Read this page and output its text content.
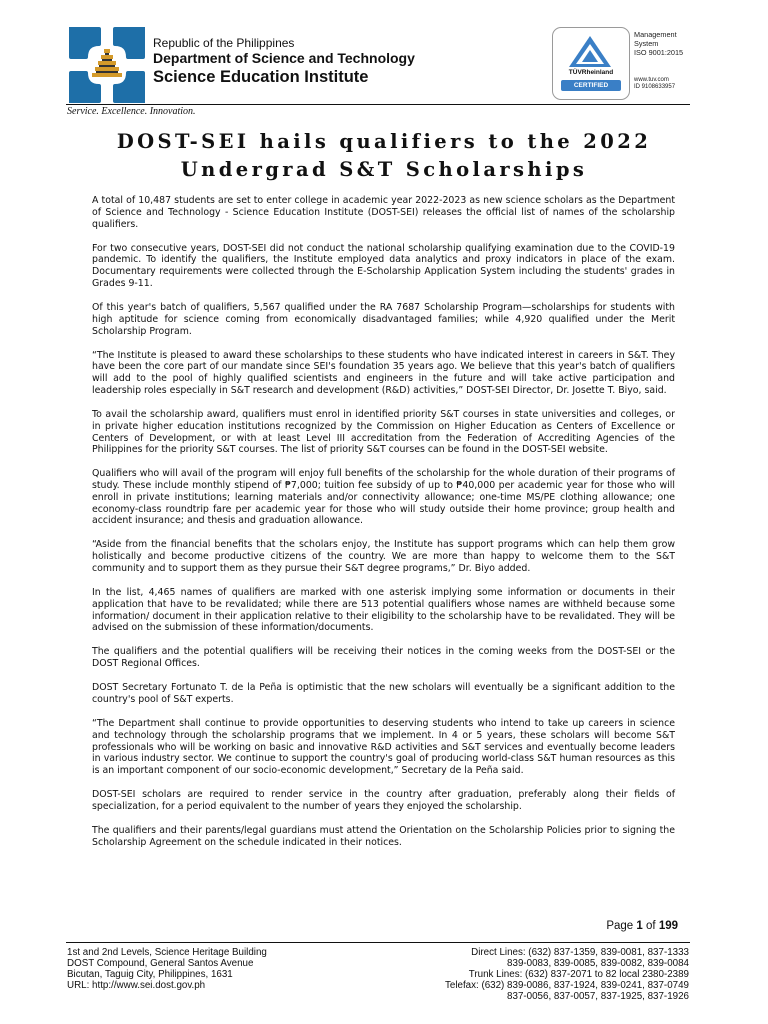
Republic of the Philippines
Department of Science and Technology
Science Education Institute	TÜVRheinland
CERTIFIED
Management
System
ISO 9001:2015
www.tuv.com
ID 9108633957
Service. Excellence. Innovation.
DOST-SEI hails qualifiers to the 2022
Undergrad S&T Scholarships

A total of 10,487 students are set to enter college in academic year 2022-2023 as new science scholars as the Department of Science and Technology - Science Education Institute (DOST-SEI) releases the official list of names of the scholarship qualifiers.

For two consecutive years, DOST-SEI did not conduct the national scholarship qualifying examination due to the COVID-19 pandemic. To identify the qualifiers, the Institute employed data analytics and proxy indicators in place of the exam. Documentary requirements were collected through the E-Scholarship Application System including the students' grades in Grades 9-11.

Of this year's batch of qualifiers, 5,567 qualified under the RA 7687 Scholarship Program—scholarships for students with high aptitude for science coming from economically disadvantaged families; while 4,920 qualified under the Merit Scholarship Program.

“The Institute is pleased to award these scholarships to these students who have indicated interest in careers in S&T. They have been the core part of our mandate since SEI's foundation 35 years ago. We believe that this year's batch of qualifiers will add to the pool of highly qualified scientists and engineers in the future and will take active participation and leadership roles especially in S&T research and development (R&D) activities,” DOST-SEI Director, Dr. Josette T. Biyo, said.

To avail the scholarship award, qualifiers must enrol in identified priority S&T courses in state universities and colleges, or in private higher education institutions recognized by the Commission on Higher Education as Centers of Excellence or Centers of Development, or with at least Level III accreditation from the Federation of Accrediting Agencies of the Philippines for the priority S&T courses. The list of priority S&T courses can be found in the DOST-SEI website.

Qualifiers who will avail of the program will enjoy full benefits of the scholarship for the whole duration of their programs of study. These include monthly stipend of ₱7,000; tuition fee subsidy of up to ₱40,000 per academic year for those who will enroll in private institutions; learning materials and/or connectivity allowance; one-time MS/PE clothing allowance; one economy-class roundtrip fare per academic year for those who will study outside their home province; group health and accident insurance; and thesis and graduation allowance.

“Aside from the financial benefits that the scholars enjoy, the Institute has support programs which can help them grow holistically and become productive citizens of the country. We are more than happy to welcome them to the S&T community and to support them as they pursue their S&T degree programs,” Dr. Biyo added.

In the list, 4,465 names of qualifiers are marked with one asterisk implying some information or documents in their application that have to be revalidated; while there are 513 potential qualifiers whose names are withheld because some information/ document in their application relative to their eligibility to the scholarship have to be revalidated. They will be advised on the submission of these information/documents.

The qualifiers and the potential qualifiers will be receiving their notices in the coming weeks from the DOST-SEI or the DOST Regional Offices.

DOST Secretary Fortunato T. de la Peña is optimistic that the new scholars will eventually be a significant addition to the country's pool of S&T experts.

“The Department shall continue to provide opportunities to deserving students who intend to take up careers in science and technology through the scholarship programs that we implement. In 4 or 5 years, these scholars will become S&T professionals who will be working on basic and innovative R&D activities and S&T services and eventually become leaders in various industry sector. We continue to support the country's goal of producing world-class S&T human resources as this is an important component of our socio-economic development,” Secretary de la Peña said.

DOST-SEI scholars are required to render service in the country after graduation, preferably along their fields of specialization, for a period equivalent to the number of years they enjoyed the scholarship.

The qualifiers and their parents/legal guardians must attend the Orientation on the Scholarship Policies prior to signing the Scholarship Agreement on the schedule indicated in their notices.

Page 1 of 199
1st and 2nd Levels, Science Heritage Building
DOST Compound, General Santos Avenue
Bicutan, Taguig City, Philippines, 1631
URL: http://www.sei.dost.gov.ph
Direct Lines: (632) 837-1359, 839-0081, 837-1333
839-0083, 839-0085, 839-0082, 839-0084
Trunk Lines: (632) 837-2071 to 82 local 2380-2389
Telefax: (632) 839-0086, 837-1924, 839-0241, 837-0749
837-0056, 837-0057, 837-1925, 837-1926
